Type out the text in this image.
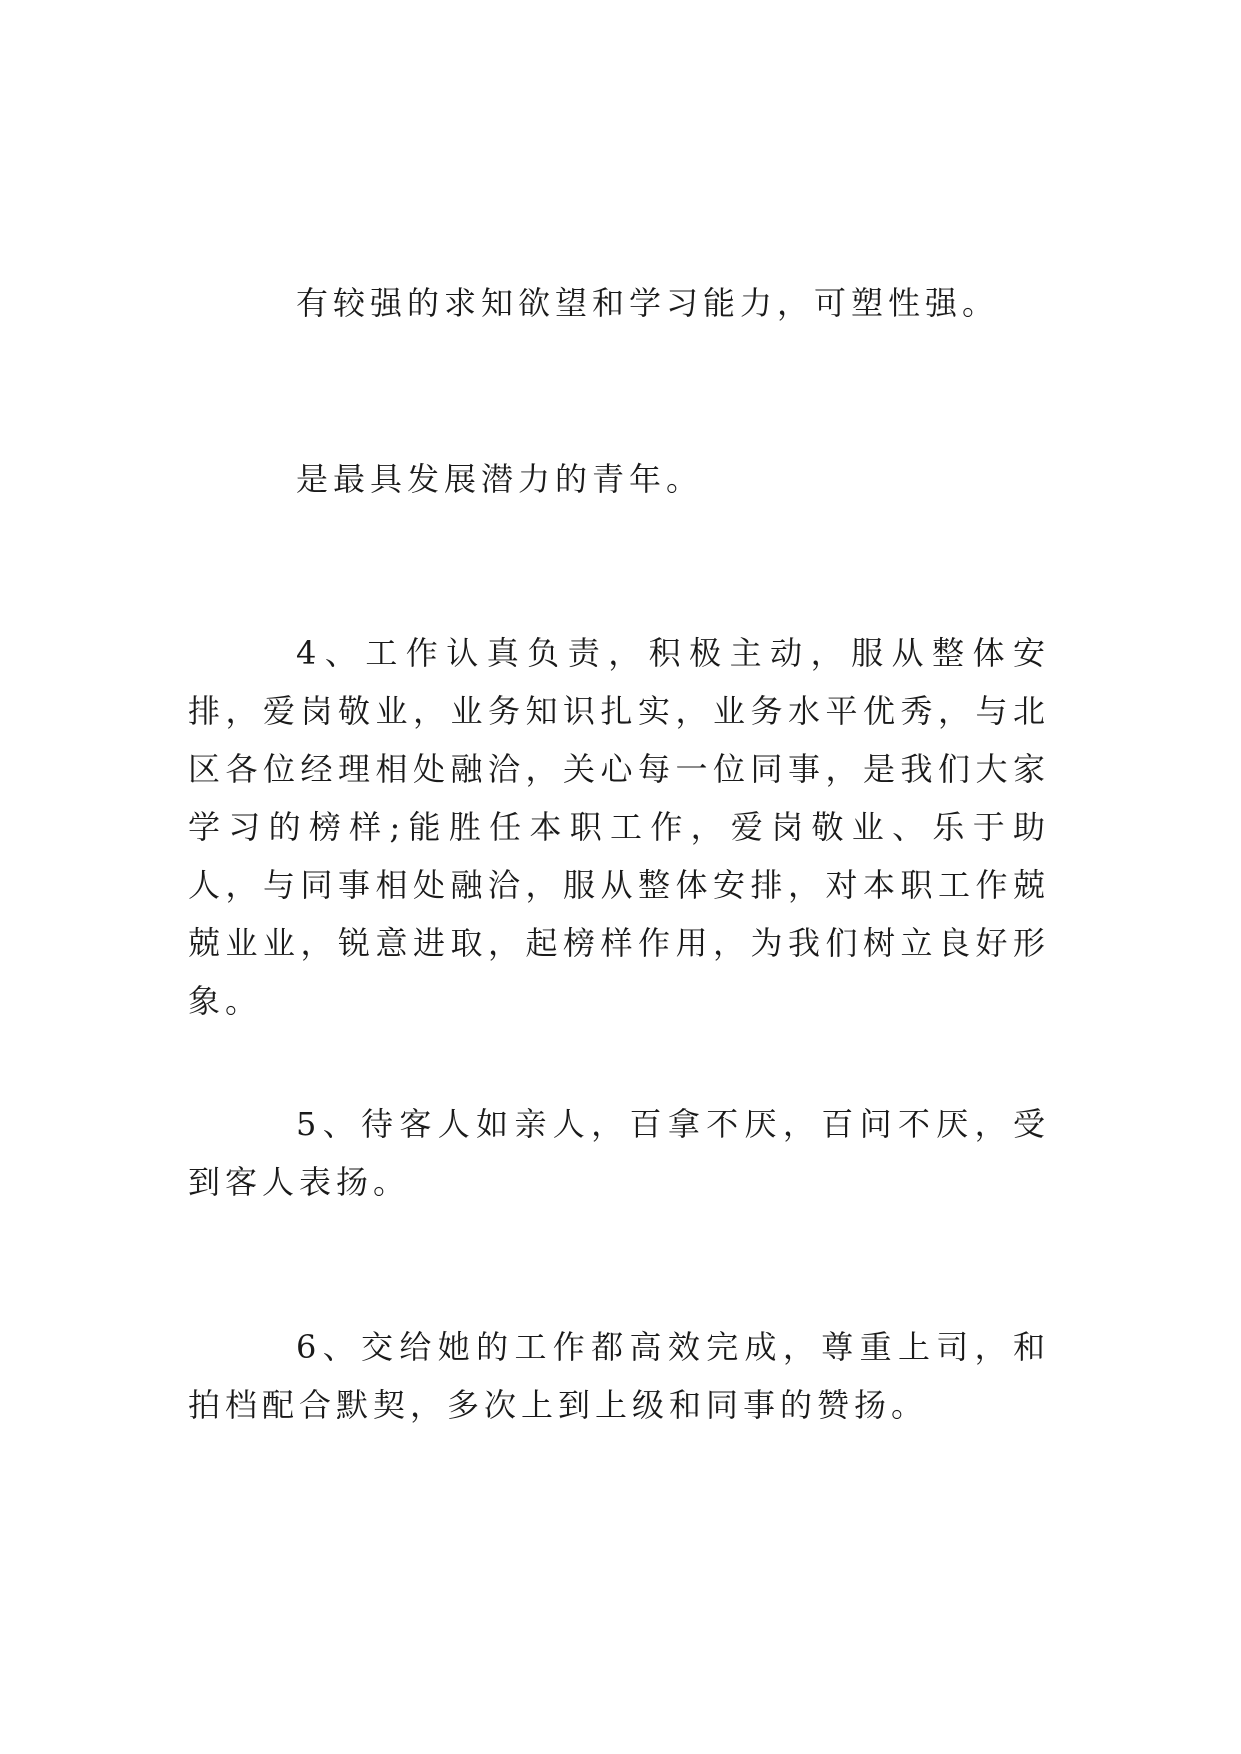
有较强的求知欲望和学习能力，可塑性强。

是最具发展潜力的青年。

4、工作认真负责，积极主动，服从整体安排，爱岗敬业，业务知识扎实，业务水平优秀，与北区各位经理相处融洽，关心每一位同事，是我们大家学习的榜样;能胜任本职工作，爱岗敬业、乐于助人，与同事相处融洽，服从整体安排，对本职工作兢兢业业，锐意进取，起榜样作用，为我们树立良好形象。

5、待客人如亲人，百拿不厌，百问不厌，受到客人表扬。

6、交给她的工作都高效完成，尊重上司，和拍档配合默契，多次上到上级和同事的赞扬。
